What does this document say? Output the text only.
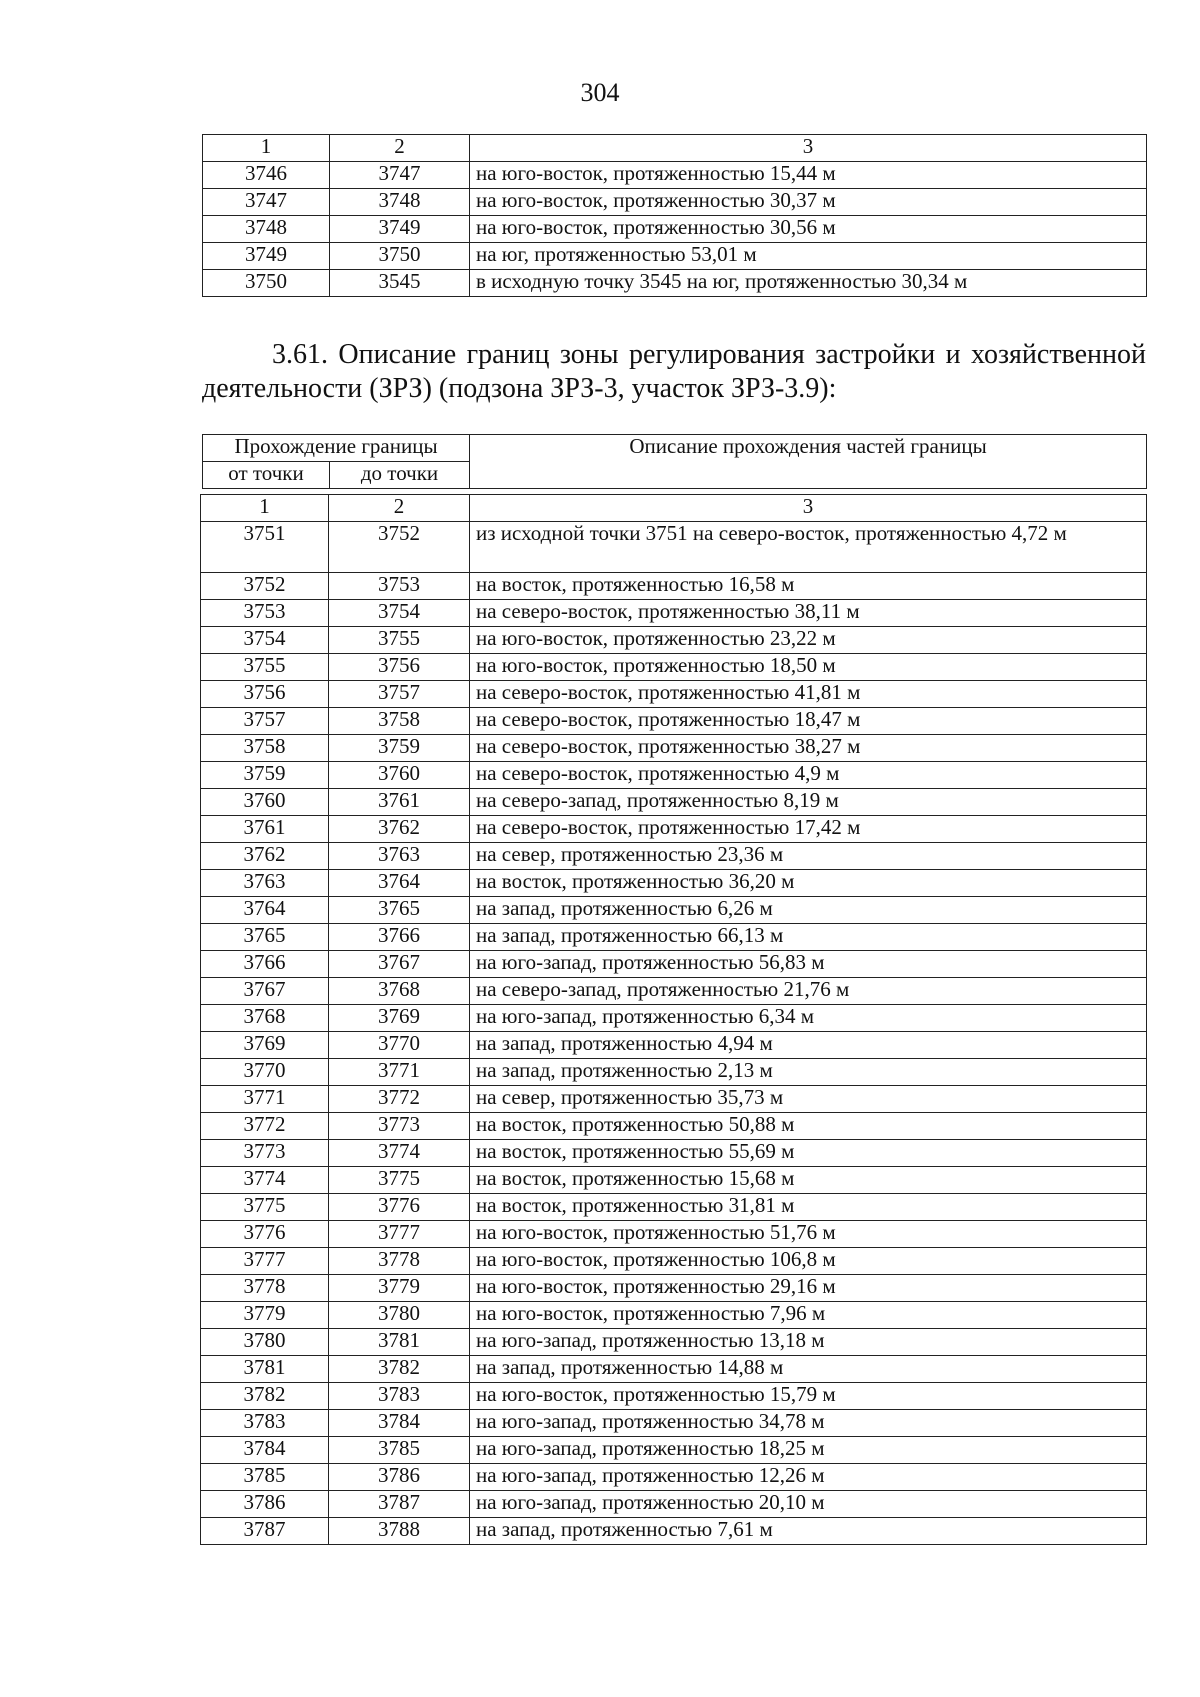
304
1	2	3
3746	3747	на юго-восток, протяженностью 15,44 м
3747	3748	на юго-восток, протяженностью 30,37 м
3748	3749	на юго-восток, протяженностью 30,56 м
3749	3750	на юг, протяженностью 53,01 м
3750	3545	в исходную точку 3545 на юг, протяженностью 30,34 м
3.61. Описание границ зоны регулирования застройки и хозяйственной деятельности (ЗРЗ) (подзона ЗРЗ-3, участок ЗРЗ-3.9):
Прохождение границы		Описание прохождения частей границы
от точки	до точки	
1	2	3
3751	3752	из исходной точки 3751 на северо-восток, протяженностью 4,72 м
3752	3753	на восток, протяженностью 16,58 м
3753	3754	на северо-восток, протяженностью 38,11 м
3754	3755	на юго-восток, протяженностью 23,22 м
3755	3756	на юго-восток, протяженностью 18,50 м
3756	3757	на северо-восток, протяженностью 41,81 м
3757	3758	на северо-восток, протяженностью 18,47 м
3758	3759	на северо-восток, протяженностью 38,27 м
3759	3760	на северо-восток, протяженностью 4,9 м
3760	3761	на северо-запад, протяженностью 8,19 м
3761	3762	на северо-восток, протяженностью 17,42 м
3762	3763	на север, протяженностью 23,36 м
3763	3764	на восток, протяженностью 36,20 м
3764	3765	на запад, протяженностью 6,26 м
3765	3766	на запад, протяженностью 66,13 м
3766	3767	на юго-запад, протяженностью 56,83 м
3767	3768	на северо-запад, протяженностью 21,76 м
3768	3769	на юго-запад, протяженностью 6,34 м
3769	3770	на запад, протяженностью 4,94 м
3770	3771	на запад, протяженностью 2,13 м
3771	3772	на север, протяженностью 35,73 м
3772	3773	на восток, протяженностью 50,88 м
3773	3774	на восток, протяженностью 55,69 м
3774	3775	на восток, протяженностью 15,68 м
3775	3776	на восток, протяженностью 31,81 м
3776	3777	на юго-восток, протяженностью 51,76 м
3777	3778	на юго-восток, протяженностью 106,8 м
3778	3779	на юго-восток, протяженностью 29,16 м
3779	3780	на юго-восток, протяженностью 7,96 м
3780	3781	на юго-запад, протяженностью 13,18 м
3781	3782	на запад, протяженностью 14,88 м
3782	3783	на юго-восток, протяженностью 15,79 м
3783	3784	на юго-запад, протяженностью 34,78 м
3784	3785	на юго-запад, протяженностью 18,25 м
3785	3786	на юго-запад, протяженностью 12,26 м
3786	3787	на юго-запад, протяженностью 20,10 м
3787	3788	на запад, протяженностью 7,61 м
